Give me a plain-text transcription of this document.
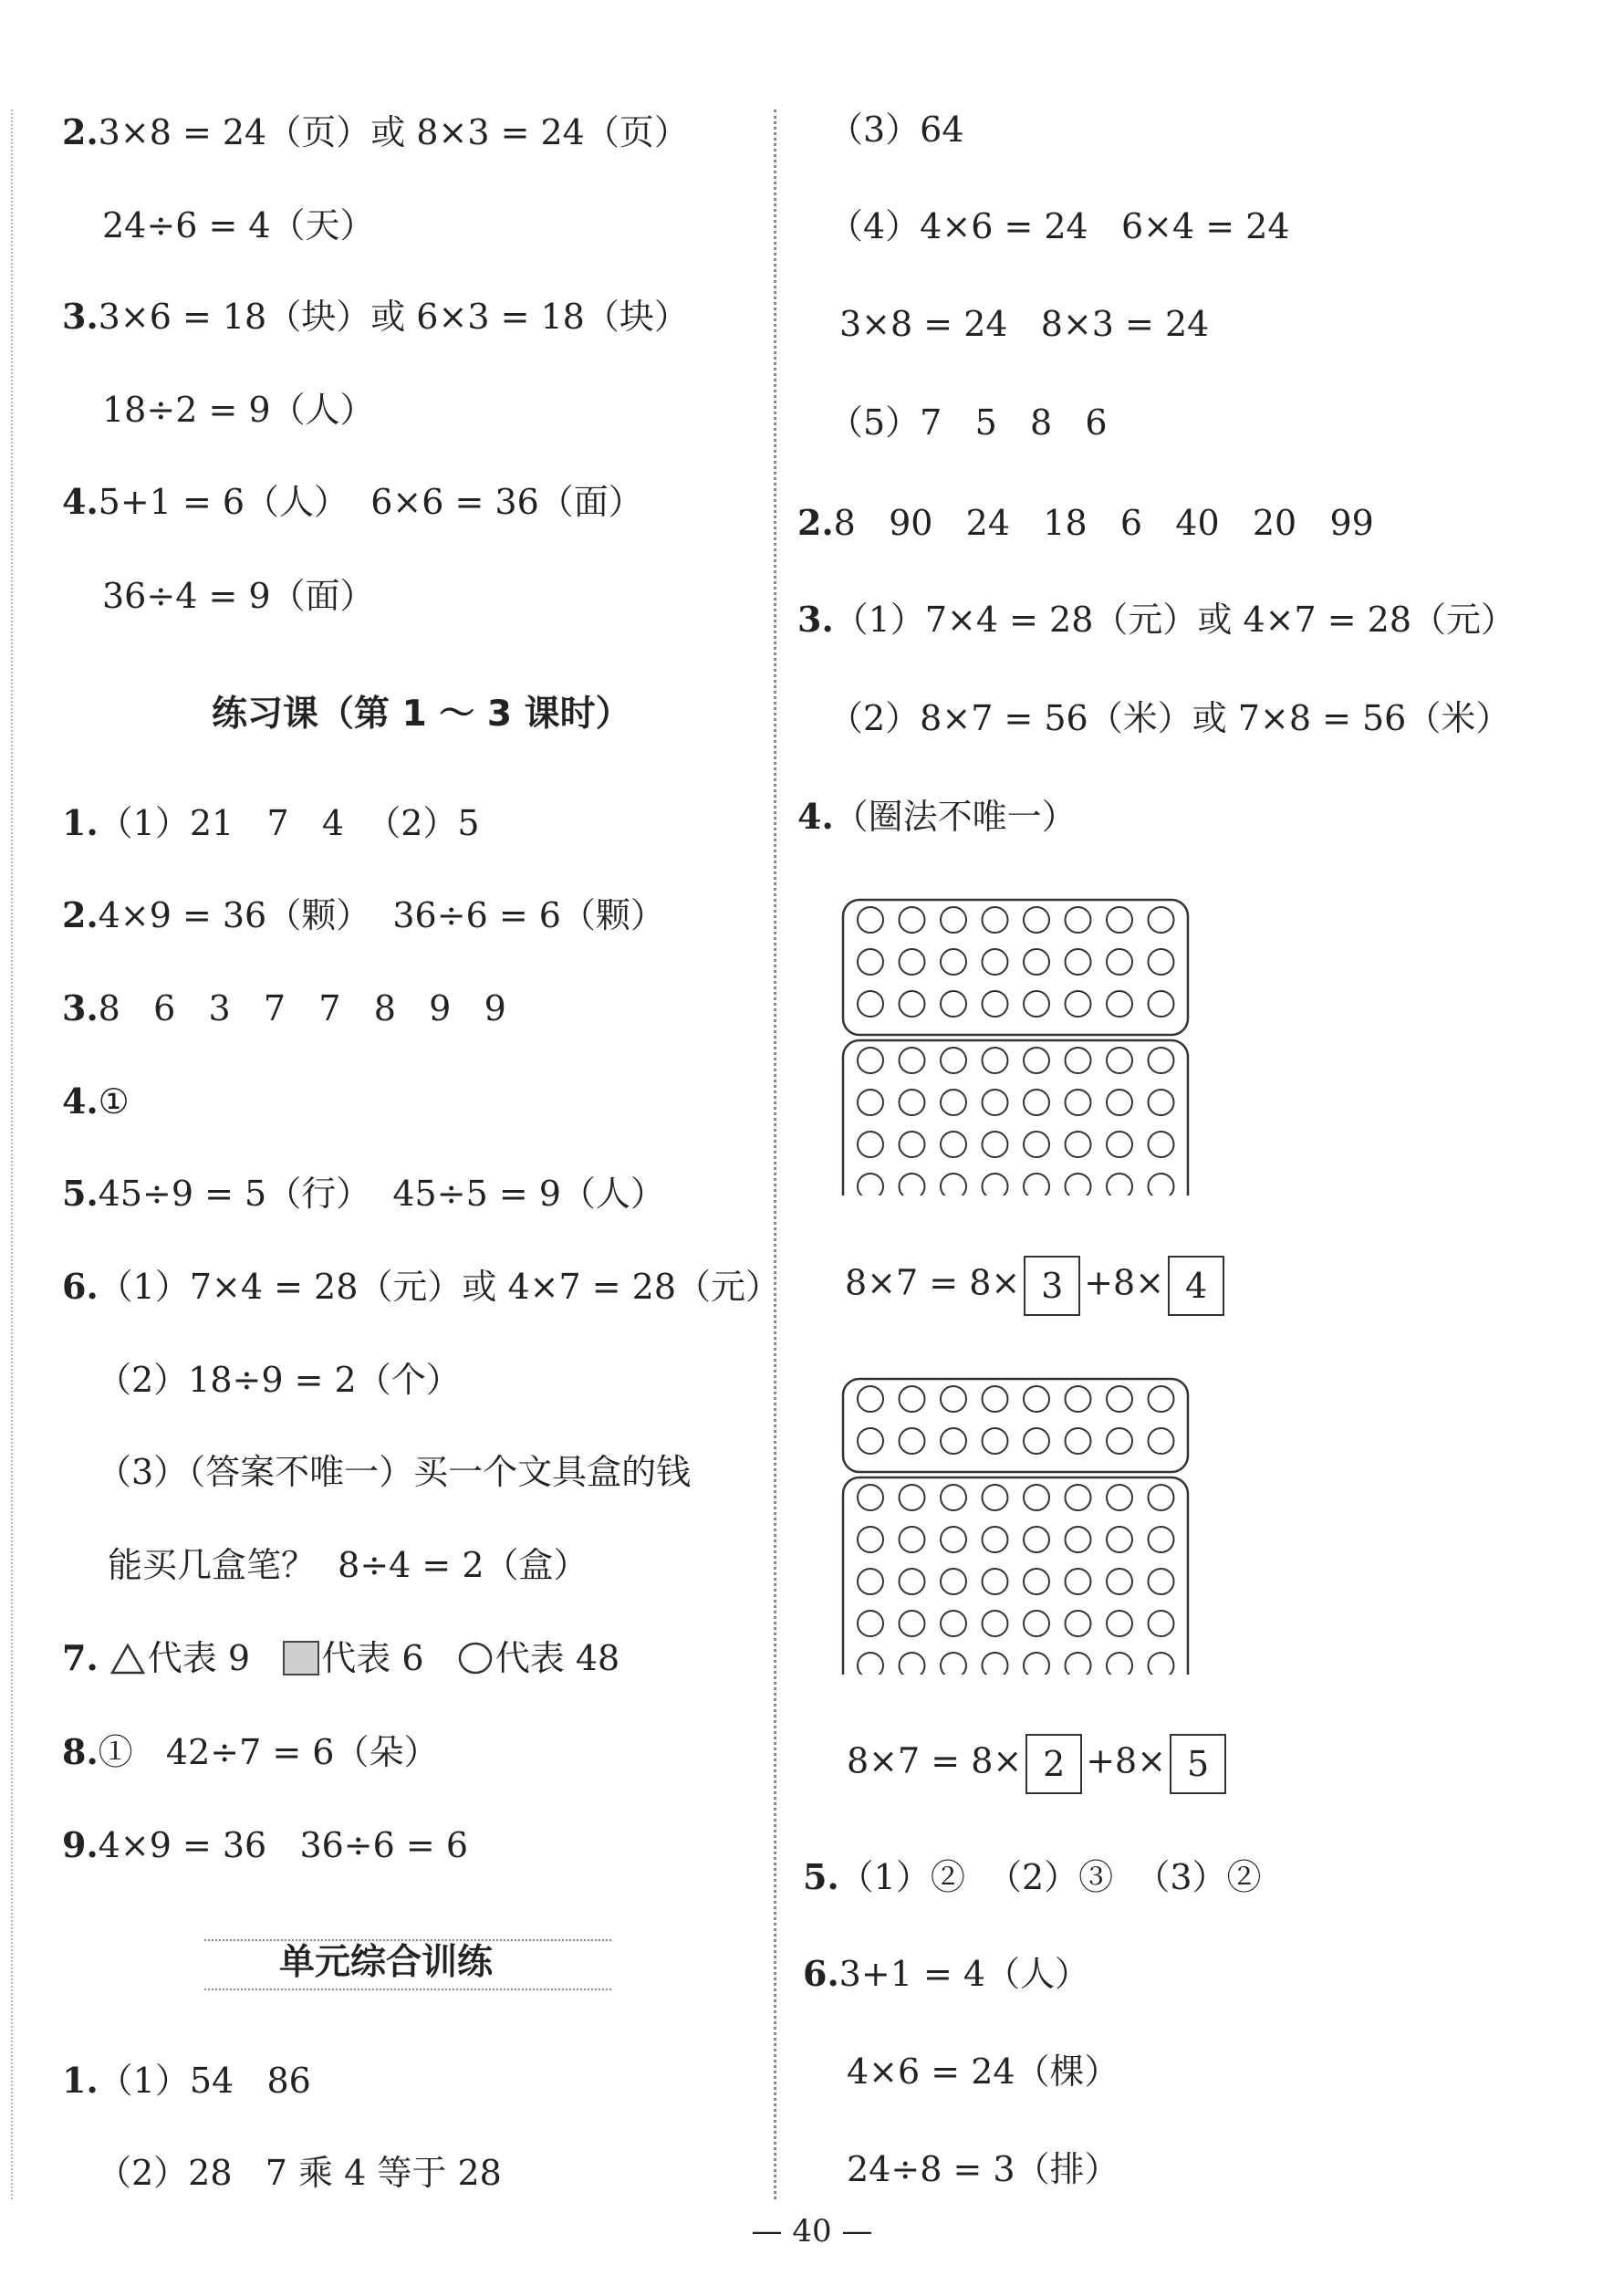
2.3×8 = 24（页）或 8×3 = 24（页）
24÷6 = 4（天）
3.3×6 = 18（块）或 6×3 = 18（块）
18÷2 = 9（人）
4.5+1 = 6（人）  6×6 = 36（面）
36÷4 = 9（面）
练习课（第 1 ～ 3 课时）
1.（1）21   7   4  （2）5
2.4×9 = 36（颗）  36÷6 = 6（颗）
3.8   6   3   7   7   8   9   9
4.①
5.45÷9 = 5（行）  45÷5 = 9（人）
6.（1）7×4 = 28（元）或 4×7 = 28（元）
（2）18÷9 = 2（个）
（3）（答案不唯一）买一个文具盒的钱
能买几盒笔？  8÷4 = 2（盒）
7. 代表 9 代表 6 代表 48
8.①   42÷7 = 6（朵）
9.4×9 = 36   36÷6 = 6
单元综合训练
1.（1）54   86
（2）28   7 乘 4 等于 28
（3）64
（4）4×6 = 24   6×4 = 24
3×8 = 24   8×3 = 24
（5）7   5   8   6
2.8   90   24   18   6   40   20   99
3.（1）7×4 = 28（元）或 4×7 = 28（元）
（2）8×7 = 56（米）或 7×8 = 56（米）
4.（圈法不唯一）
8×7 = 8× 3 +8× 4
8×7 = 8× 2 +8× 5
5.（1）②  （2）③  （3）②
6.3+1 = 4（人）
4×6 = 24（棵）
24÷8 = 3（排）
— 40 —
